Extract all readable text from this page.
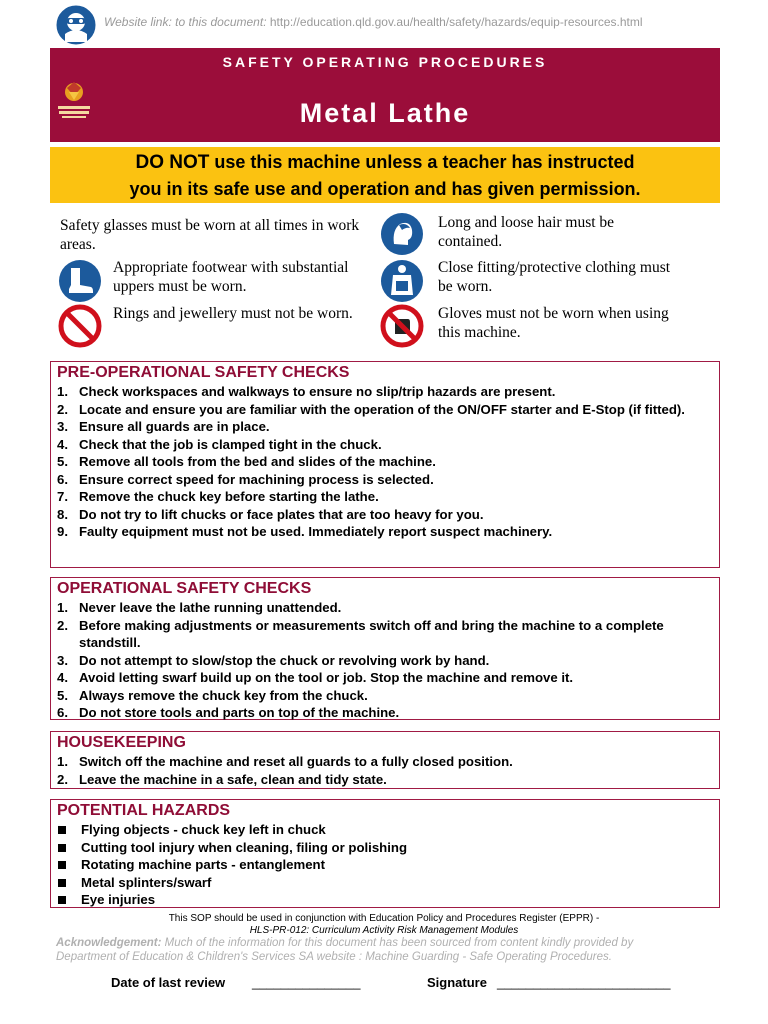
Website link: to this document: http://education.qld.gov.au/health/safety/hazards/equip-resources.html
SAFETY OPERATING PROCEDURES
Metal Lathe
DO NOT use this machine unless a teacher has instructed
you in its safe use and operation and has given permission.
Safety glasses must be worn at all times in work areas.
Appropriate footwear with substantial uppers must be worn.
Rings and jewellery must not be worn.
Long and loose hair must be contained.
Close fitting/protective clothing must be worn.
Gloves must not be worn when using this machine.
PRE-OPERATIONAL SAFETY CHECKS
1. Check workspaces and walkways to ensure no slip/trip hazards are present.
2. Locate and ensure you are familiar with the operation of the ON/OFF starter and E-Stop (if fitted).
3. Ensure all guards are in place.
4. Check that the job is clamped tight in the chuck.
5. Remove all tools from the bed and slides of the machine.
6. Ensure correct speed for machining process is selected.
7. Remove the chuck key before starting the lathe.
8. Do not try to lift chucks or face plates that are too heavy for you.
9. Faulty equipment must not be used. Immediately report suspect machinery.
OPERATIONAL SAFETY CHECKS
1. Never leave the lathe running unattended.
2. Before making adjustments or measurements switch off and bring the machine to a complete standstill.
3. Do not attempt to slow/stop the chuck or revolving work by hand.
4. Avoid letting swarf build up on the tool or job. Stop the machine and remove it.
5. Always remove the chuck key from the chuck.
6. Do not store tools and parts on top of the machine.
HOUSEKEEPING
1. Switch off the machine and reset all guards to a fully closed position.
2. Leave the machine in a safe, clean and tidy state.
POTENTIAL HAZARDS
Flying objects - chuck key left in chuck
Cutting tool injury when cleaning, filing or polishing
Rotating machine parts - entanglement
Metal splinters/swarf
Eye injuries
This SOP should be used in conjunction with Education Policy and Procedures Register (EPPR) -
HLS-PR-012: Curriculum Activity Risk Management Modules
Acknowledgement: Much of the information for this document has been sourced from content kindly provided by Department of Education & Children's Services SA website : Machine Guarding - Safe Operating Procedures.
Date of last review _______________	Signature ________________________
